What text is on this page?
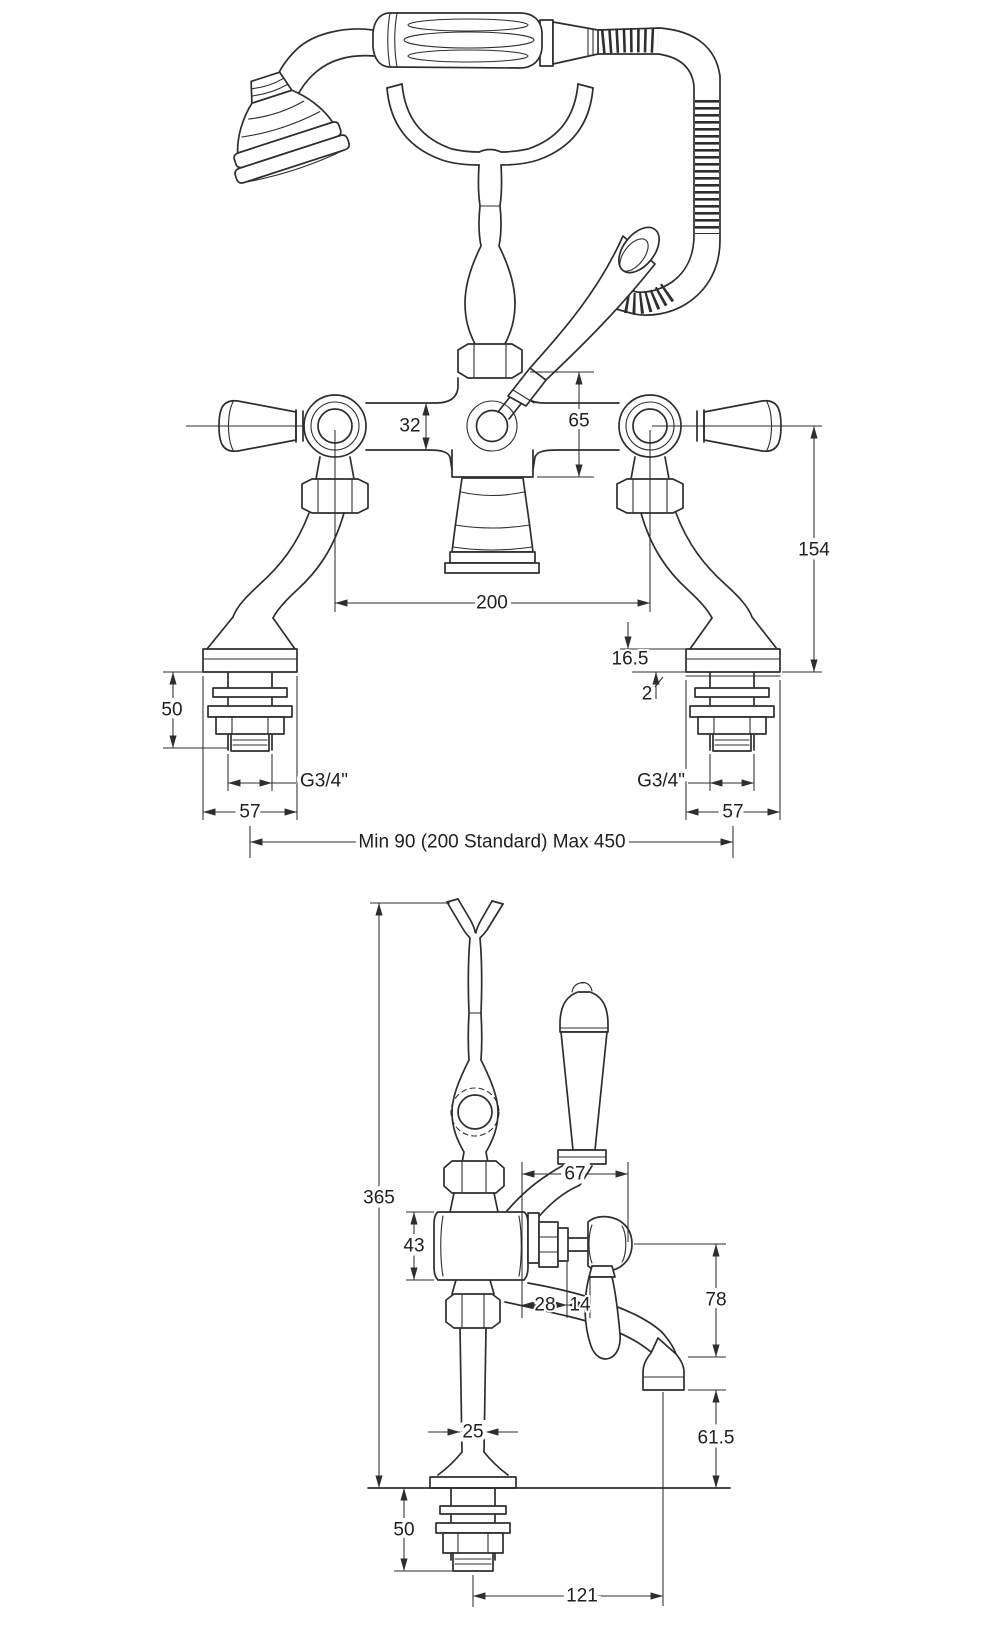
32	65
154
200
16.5
2
50
G3/4"	G3/4"
57	57
Min 90 (200 Standard) Max 450
365
43
67
28 14	78
25	61.5
50
121
